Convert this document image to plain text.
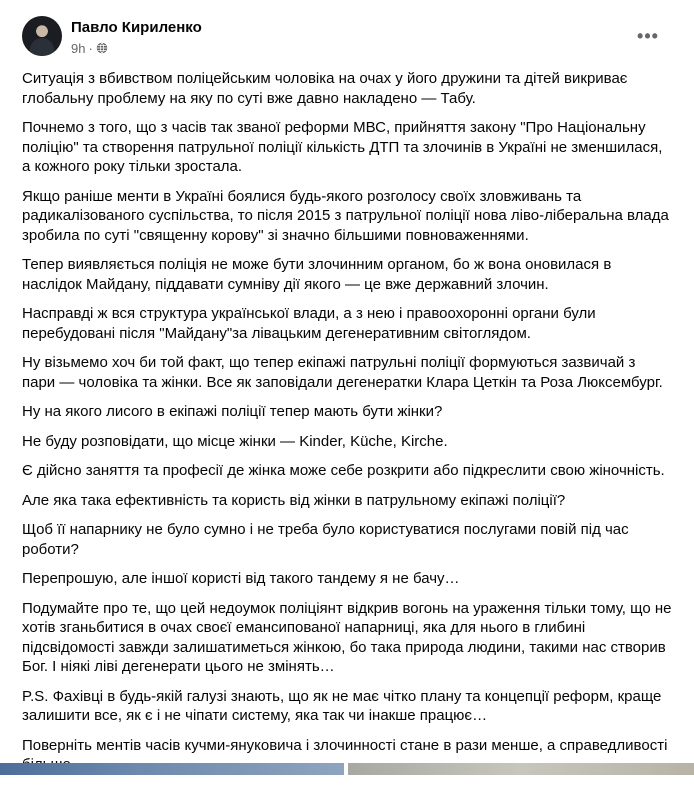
Павло Кириленко
9h ·
•••

Ситуація з вбивством поліцейським чоловіка на очах у його дружини та дітей викриває глобальну проблему на яку по суті вже давно накладено — Табу.

Почнемо з того, що з часів так званої реформи МВС, прийняття закону "Про Національну поліцію" та створення патрульної поліції кількість ДТП та злочинів в Україні не зменшилася, а кожного року тільки зростала.

Якщо раніше менти в Україні боялися будь-якого розголосу своїх зловживань та радикалізованого суспільства, то після 2015 з патрульної поліції нова ліво-ліберальна влада зробила по суті "священну корову" зі значно більшими повноваженнями.

Тепер виявляється поліція не може бути злочинним органом, бо ж вона оновилася в наслідок Майдану, піддавати сумніву дії якого — це вже державний злочин.

Насправді ж вся структура української влади, а з нею і правоохоронні органи були перебудовані після "Майдану"за лівацьким дегенеративним світоглядом.

Ну візьмемо хоч би той факт, що тепер екіпажі патрульні поліції формуються зазвичай з пари — чоловіка та жінки. Все як заповідали дегенератки Клара Цеткін та Роза Люксембург.

Ну на якого лисого в екіпажі поліції тепер мають бути жінки?

Не буду розповідати, що місце жінки — Kinder, Küche, Kirche.

Є дійсно заняття та професії де жінка може себе розкрити або підкреслити свою жіночність.

Але яка така ефективність та користь від жінки в патрульному екіпажі поліції?

Щоб її напарнику не було сумно і не треба було користуватися послугами повій під час роботи?

Перепрошую, але іншої користі від такого тандему я не бачу…

Подумайте про те, що цей недоумок поліціянт відкрив вогонь на ураження тільки тому, що не хотів зганьбитися в очах своєї емансипованої напарниці, яка для нього в глибині підсвідомості завжди залишатиметься жінкою, бо така природа людини, такими нас створив Бог. І ніякі ліві дегенерати цього не змінять…

P.S. Фахівці в будь-якій галузі знають, що як не має чітко плану та концепції реформ, краще залишити все, як є і не чіпати систему, яка так чи інакше працює…

Поверніть ментів часів кучми-януковича і злочинності стане в рази менше, а справедливості
